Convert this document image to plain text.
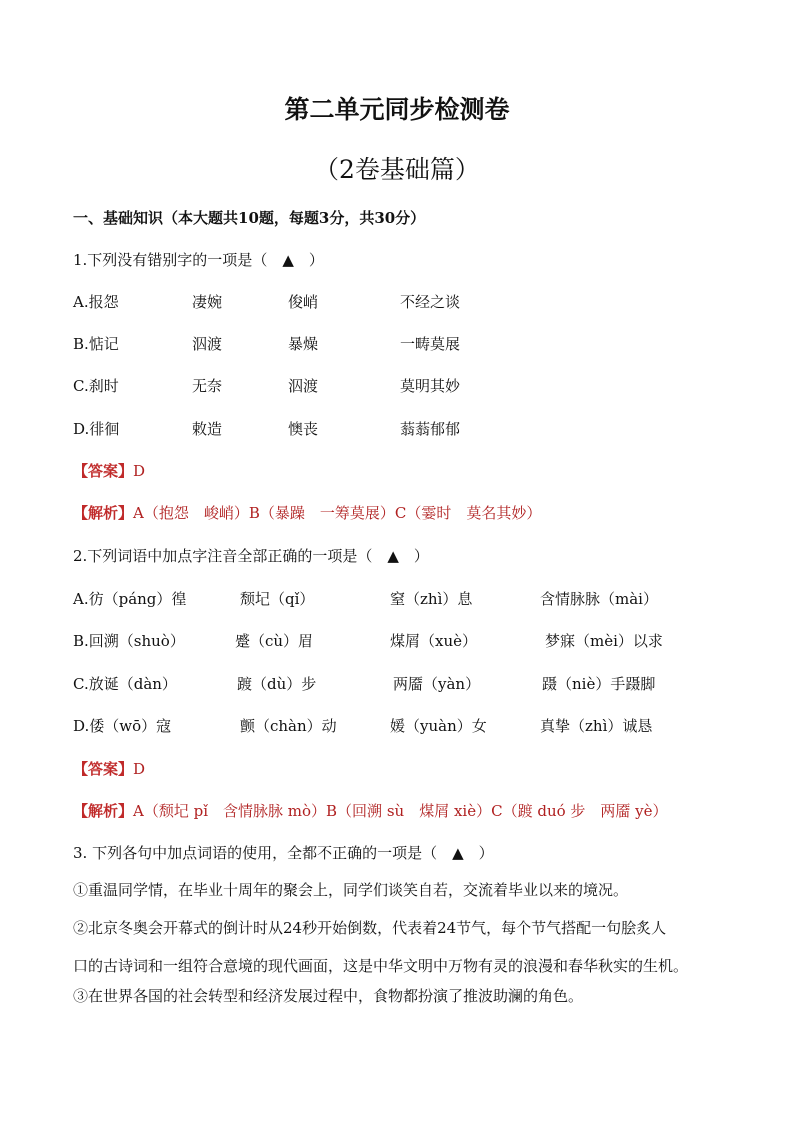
第二单元同步检测卷
（2卷基础篇）
一、基础知识（本大题共10题，每题3分，共30分）
1.下列没有错别字的一项是（　▲　）
A.报怨	凄婉	俊峭	不经之谈
B.惦记	泅渡	暴燥	一畴莫展
C.刹时	无奈	泅渡	莫明其妙
D.徘徊	敕造	懊丧	蓊蓊郁郁
【答案】D
【解析】A（抱怨　峻峭）B（暴躁　一筹莫展）C（霎时　莫名其妙）
2.下列词语中加点字注音全部正确的一项是（　▲　）
A.彷（páng）徨	颓圮（qǐ）	窒（zhì）息	含情脉脉（mài）
B.回溯（shuò）	蹙（cù）眉	煤屑（xuè）	梦寐（mèi）以求
C.放诞（dàn）	踱（dù）步	两靥（yàn）	蹑（niè）手蹑脚
D.倭（wō）寇	颤（chàn）动	媛（yuàn）女	真挚（zhì）诚恳
【答案】D
【解析】A（颓圮 pǐ　含情脉脉 mò）B（回溯 sù　煤屑 xiè）C（踱 duó 步　两靥 yè）
3. 下列各句中加点词语的使用，全都不正确的一项是（　▲　）
①重温同学情，在毕业十周年的聚会上，同学们谈笑自若，交流着毕业以来的境况。
②北京冬奥会开幕式的倒计时从24秒开始倒数，代表着24节气，每个节气搭配一句脍炙人
口的古诗词和一组符合意境的现代画面，这是中华文明中万物有灵的浪漫和春华秋实的生机。
③在世界各国的社会转型和经济发展过程中，食物都扮演了推波助澜的角色。
